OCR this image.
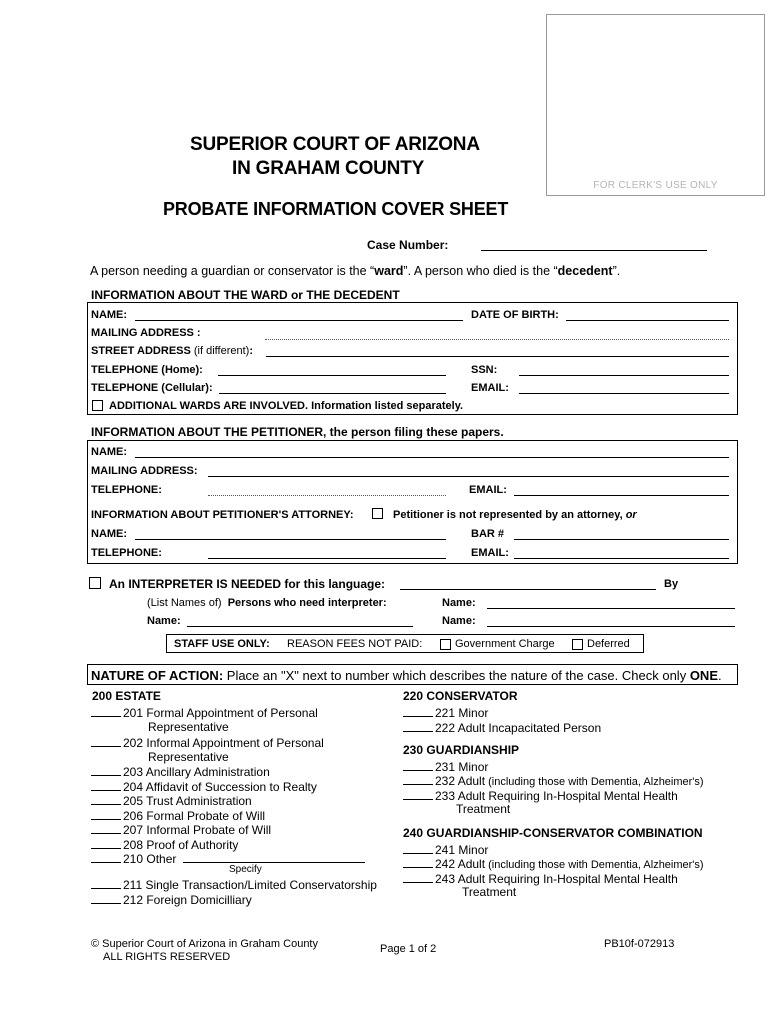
FOR CLERK'S USE ONLY
SUPERIOR COURT OF ARIZONA
IN GRAHAM COUNTY
PROBATE INFORMATION COVER SHEET
Case Number:
A person needing a guardian or conservator is the “ward”. A person who died is the “decedent”.
INFORMATION ABOUT THE WARD or THE DECEDENT
NAME:	DATE OF BIRTH:
MAILING ADDRESS :
STREET ADDRESS (if different):
TELEPHONE (Home):	SSN:
TELEPHONE (Cellular):	EMAIL:
ADDITIONAL WARDS ARE INVOLVED. Information listed separately.
INFORMATION ABOUT THE PETITIONER, the person filing these papers.
NAME:
MAILING ADDRESS:
TELEPHONE:	EMAIL:
INFORMATION ABOUT PETITIONER'S ATTORNEY:	Petitioner is not represented by an attorney, or
NAME:	BAR #
TELEPHONE:	EMAIL:
An INTERPRETER IS NEEDED for this language:	By
(List Names of) Persons who need interpreter:	Name:
Name:	Name:
STAFF USE ONLY: REASON FEES NOT PAID:	Government Charge	Deferred
NATURE OF ACTION: Place an "X" next to number which describes the nature of the case. Check only ONE.
200 ESTATE
201 Formal Appointment of Personal
Representative
202 Informal Appointment of Personal
Representative
203 Ancillary Administration
204 Affidavit of Succession to Realty
205 Trust Administration
206 Formal Probate of Will
207 Informal Probate of Will
208 Proof of Authority
210 Other
Specify
211 Single Transaction/Limited Conservatorship
212 Foreign Domicilliary
220 CONSERVATOR
221 Minor
222 Adult Incapacitated Person
230 GUARDIANSHIP
231 Minor
232 Adult (including those with Dementia, Alzheimer's)
233 Adult Requiring In-Hospital Mental Health
Treatment
240 GUARDIANSHIP-CONSERVATOR COMBINATION
241 Minor
242 Adult (including those with Dementia, Alzheimer's)
243 Adult Requiring In-Hospital Mental Health
Treatment
© Superior Court of Arizona in Graham County
ALL RIGHTS RESERVED
Page 1 of 2	PB10f-072913
